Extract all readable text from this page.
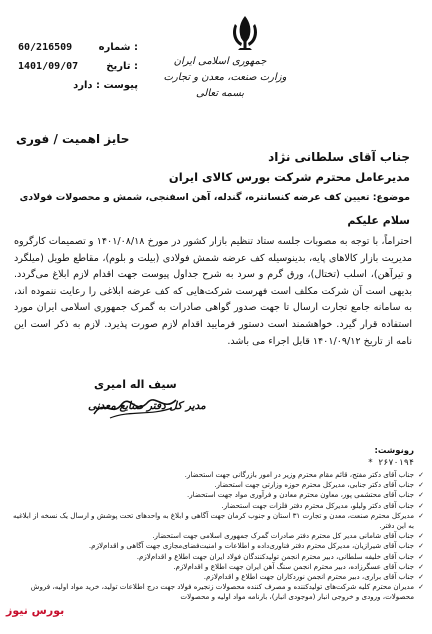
جمهوری اسلامی ایران
وزارت صنعت، معدن و تجارت
بسمه تعالی
60/216509	شماره :
1401/09/07	تاریخ :
پیوست : دارد
حایز اهمیت / فوری
جناب آقای سلطانی نژاد
مدیرعامل محترم شرکت بورس کالای ایران
موضوع: تعیین کف عرضه کنسانتره، گندله، آهن اسفنجی، شمش و محصولات فولادی
سلام علیکم
احتراماً، با توجه به مصوبات جلسه ستاد تنظیم بازار کشور در مورخ ۱۴۰۱/۰۸/۱۸ و تصمیمات کارگروه مدیریت بازار کالاهای پایه، بدینوسیله کف عرضه شمش فولادی (بیلت و بلوم)، مقاطع طویل (میلگرد و تیرآهن)، اسلب (تختال)، ورق گرم و سرد به شرح جداول پیوست جهت اقدام لازم ابلاغ می‌گردد. بدیهی است آن شرکت مکلف است فهرست شرکت‌هایی که کف عرضه ابلاغی را رعایت ننموده اند، به سامانه جامع تجارت ارسال تا جهت صدور گواهی صادرات به گمرک جمهوری اسلامی ایران مورد استفاده قرار گیرد. خواهشمند است دستور فرمایید اقدام لازم صورت پذیرد. لازم به ذکر است این نامه از تاریخ ۱۴۰۱/۰۹/۱۲ قابل اجراء می باشد.
سیف اله امیری
مدیر کل دفتر صنایع معدنی
رونوشت:
۲۶۷۰۱۹۴ *
✓ جناب آقای دکتر مفتح، قائم مقام محترم وزیر در امور بازرگانی جهت استحضار.
✓ جناب آقای دکتر جنابی، مدیرکل محترم حوزه وزارتی جهت استحضار.
✓ جناب آقای محتشمی پور، معاون محترم معادن و فرآوری مواد جهت استحضار.
✓ جناب آقای دکتر ولیلو، مدیرکل محترم دفتر فلزات جهت استحضار.
✓ مدیرکل محترم صنعت، معدن و تجارت ۳۱ استان و جنوب کرمان جهت آگاهی و ابلاغ به واحدهای تحت پوشش و ارسال یک نسخه از ابلاغیه به این دفتر.
✓ جناب آقای شامانی مدیر کل محترم دفتر صادرات گمرک جمهوری اسلامی جهت استحضار.
✓ جناب آقای شیرازیان، مدیرکل محترم دفتر فناوری‌داده و اطلاعات و امنیت‌فضای‌مجازی جهت آگاهی و اقدام‌لازم.
✓ جناب آقای خلیفه سلطانی، دبیر محترم انجمن تولیدکنندگان فولاد ایران جهت اطلاع و اقدام‌لازم.
✓ جناب آقای عسگرزاده، دبیر محترم انجمن سنگ آهن ایران جهت اطلاع و اقدام‌لازم.
✓ جناب آقای براری، دبیر محترم انجمن نوردکاران جهت اطلاع و اقدام‌لازم.
✓ مدیران محترم کلیه شرکت‌های تولیدکننده و مصرف کننده محصولات زنجیره فولاد جهت درج اطلاعات تولید، خرید مواد اولیه، فروش محصولات، ورودی و خروجی انبار (موجودی انبار)، بارنامه مواد اولیه و محصولات
بورس نیوز
